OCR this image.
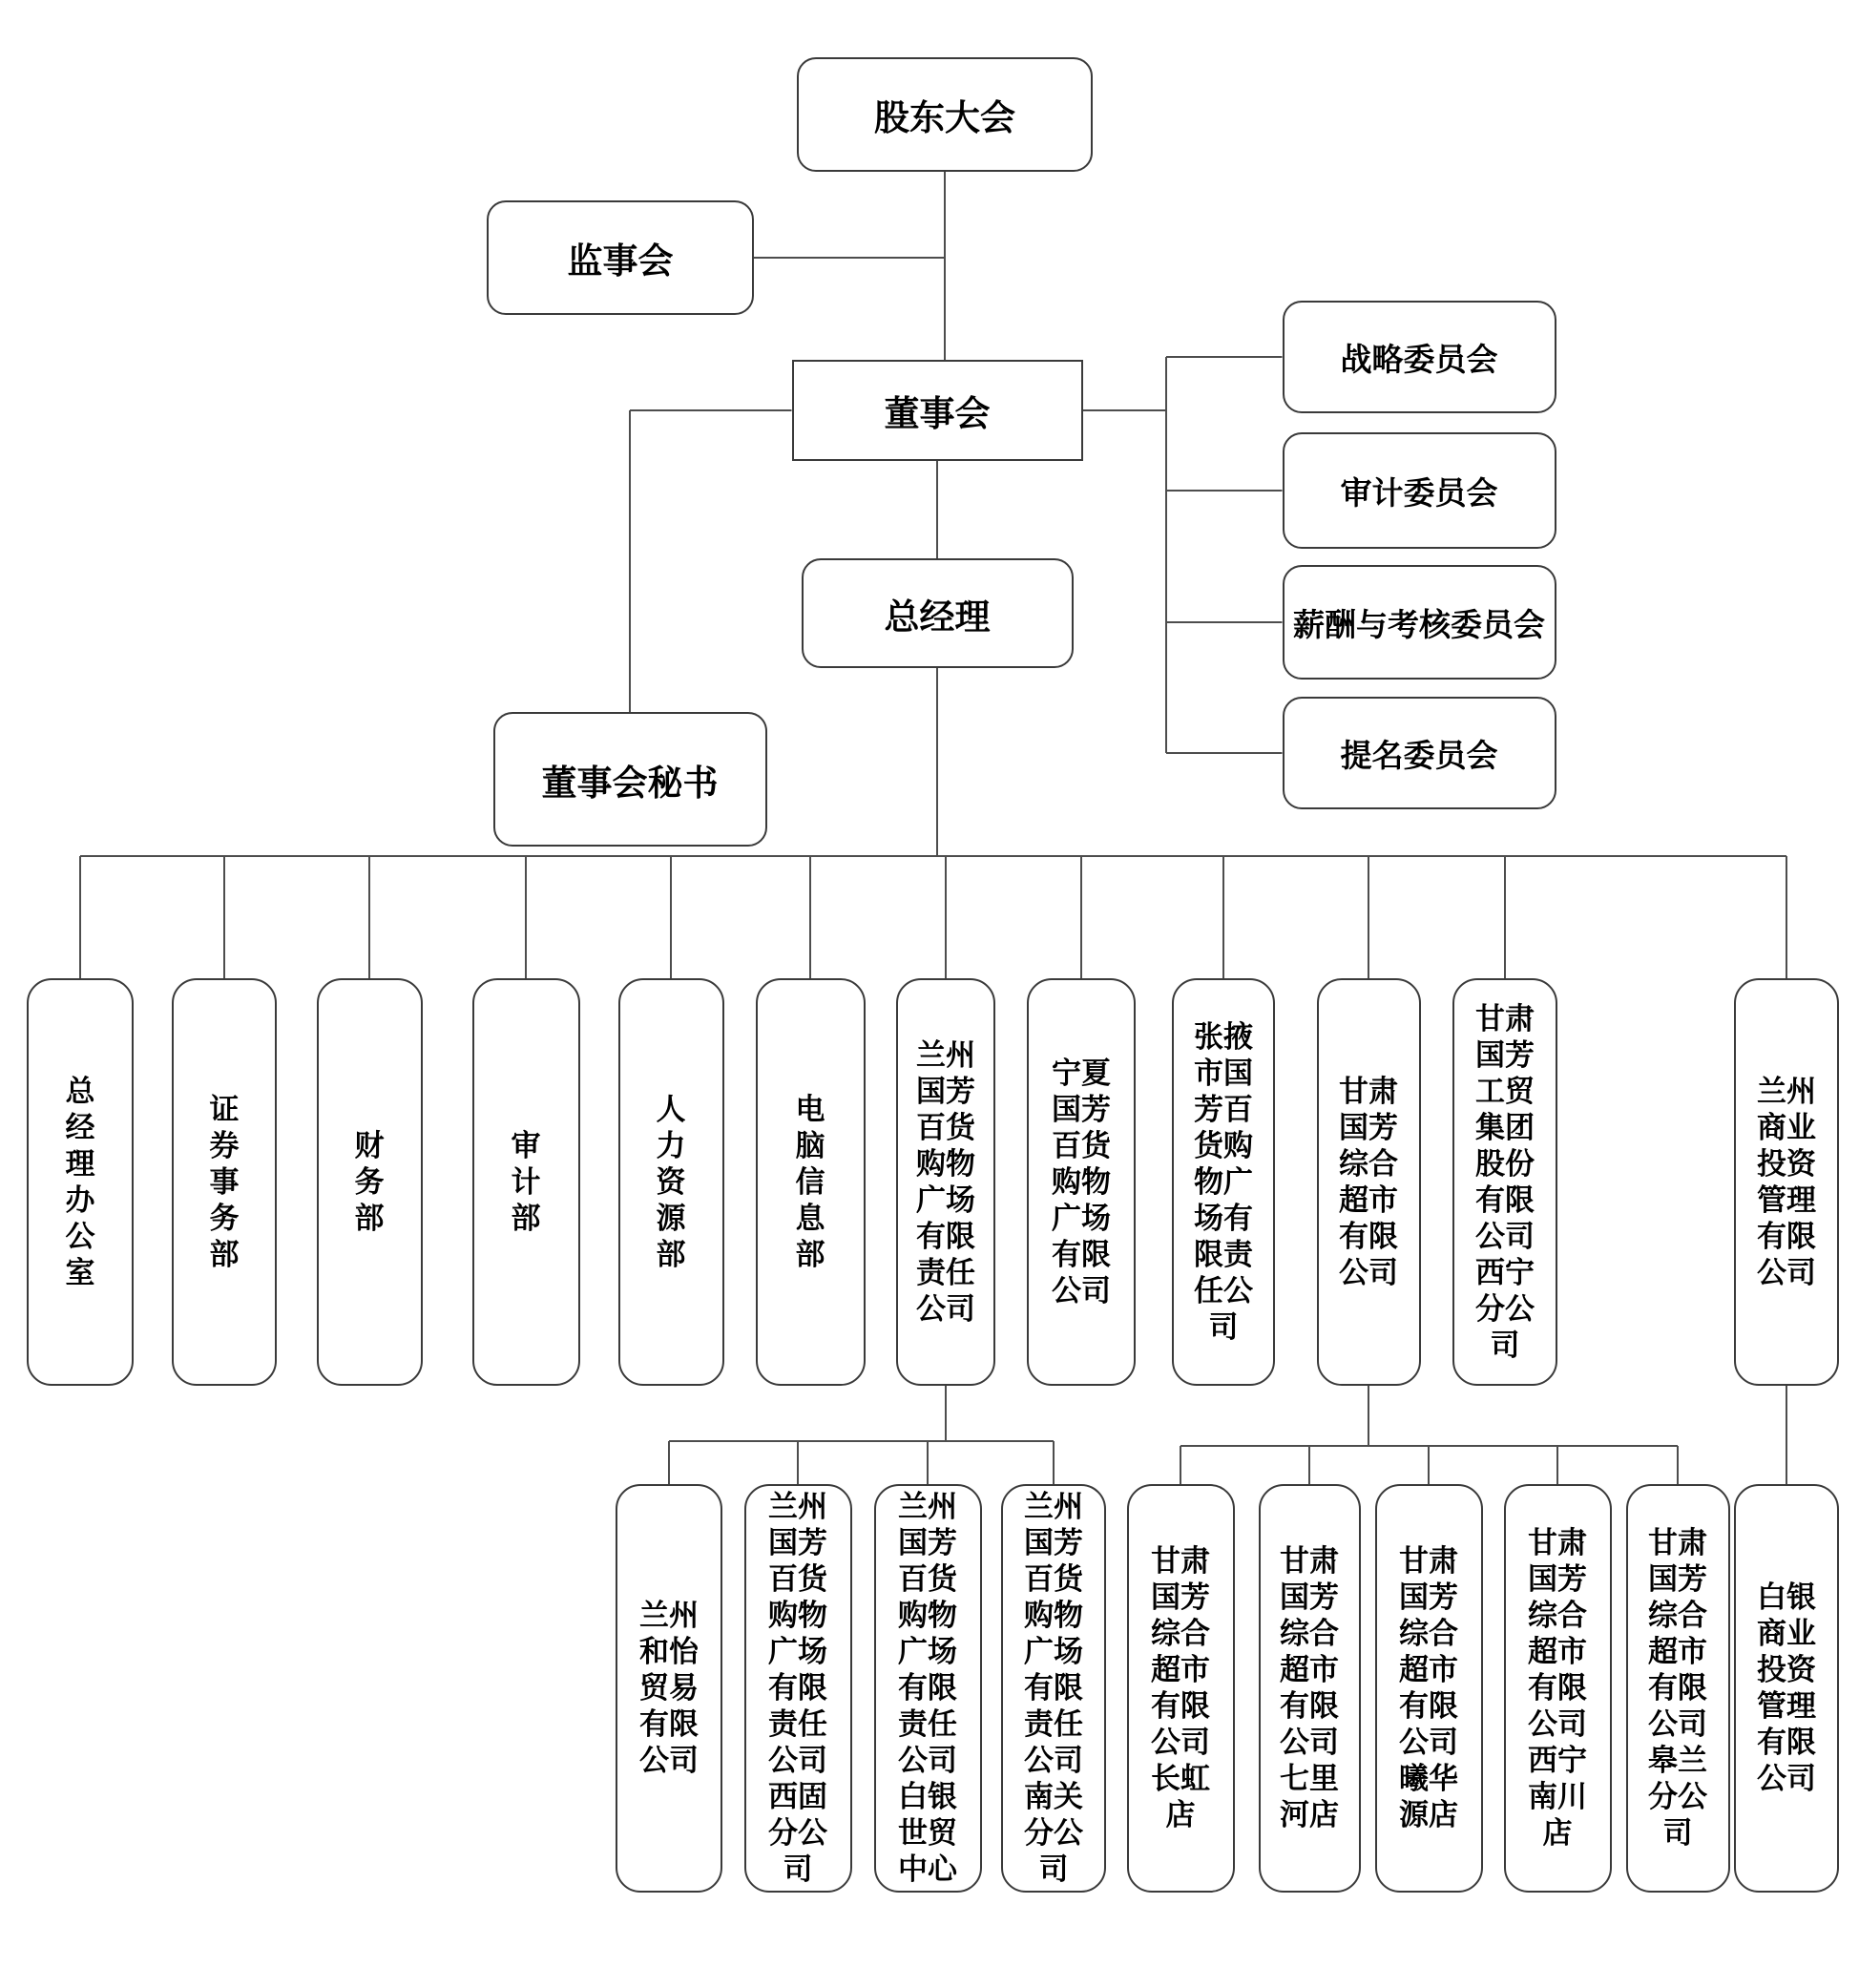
股东大会
监事会
董事会
战略委员会
审计委员会
薪酬与考核委员会
提名委员会
总经理
董事会秘书
总经理办公室
证券事务部
财务部
审计部
人力资源部
电脑信息部
兰州国芳百货购物广场有限责任公司
宁夏国芳百货购物广场有限公司
张掖市国芳百货购物广场有限责任公司
甘肃国芳综合超市有限公司
甘肃国芳工贸集团股份有限公司西宁分公司
兰州商业投资管理有限公司
兰州和怡贸易有限公司
兰州国芳百货购物广场有限责任公司西固分公司
兰州国芳百货购物广场有限责任公司白银世贸中心
兰州国芳百货购物广场有限责任公司南关分公司
甘肃国芳综合超市有限公司长虹店
甘肃国芳综合超市有限公司七里河店
甘肃国芳综合超市有限公司曦华源店
甘肃国芳综合超市有限公司西宁南川店
甘肃国芳综合超市有限公司皋兰分公司
白银商业投资管理有限公司
